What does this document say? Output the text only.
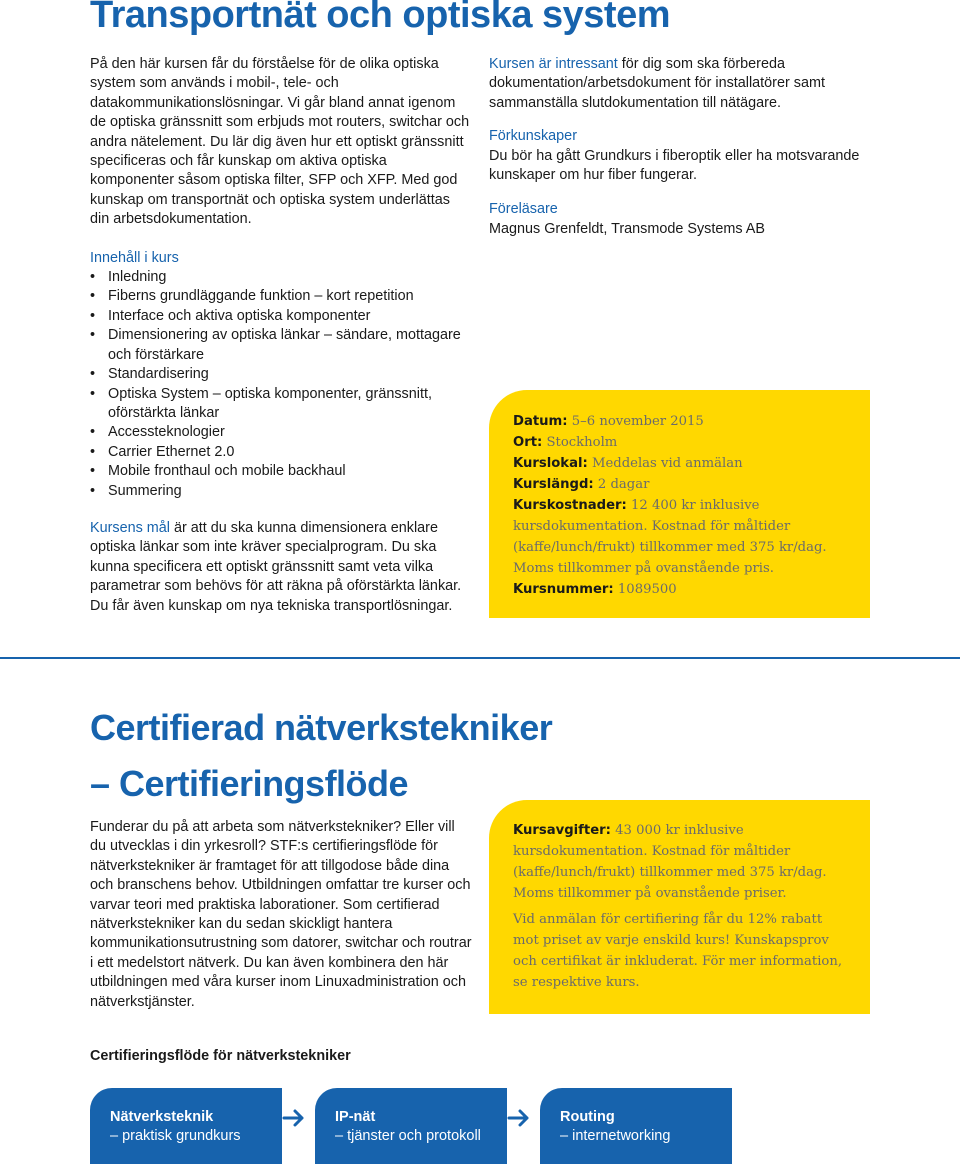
Transportnät och optiska system

På den här kursen får du förståelse för de olika optiska system som används i mobil-, tele- och datakommunikationslösningar. Vi går bland annat igenom de optiska gränssnitt som erbjuds mot routers, switchar och andra nätelement. Du lär dig även hur ett optiskt gränssnitt specificeras och får kunskap om aktiva optiska komponenter såsom optiska filter, SFP och XFP. Med god kunskap om transportnät och optiska system underlättas din arbetsdokumentation.

Innehåll i kurs
• Inledning
• Fiberns grundläggande funktion – kort repetition
• Interface och aktiva optiska komponenter
• Dimensionering av optiska länkar – sändare, mottagare och förstärkare
• Standardisering
• Optiska System – optiska komponenter, gränssnitt, oförstärkta länkar
• Accessteknologier
• Carrier Ethernet 2.0
• Mobile fronthaul och mobile backhaul
• Summering

Kursens mål är att du ska kunna dimensionera enklare optiska länkar som inte kräver specialprogram. Du ska kunna specificera ett optiskt gränssnitt samt veta vilka parametrar som behövs för att räkna på oförstärkta länkar. Du får även kunskap om nya tekniska transportlösningar.

Kursen är intressant för dig som ska förbereda dokumentation/arbetsdokument för installatörer samt sammanställa slutdokumentation till nätägare.

Förkunskaper

Du bör ha gått Grundkurs i fiberoptik eller ha motsvarande kunskaper om hur fiber fungerar.

Föreläsare

Magnus Grenfeldt, Transmode Systems AB

Datum: 5–6 november 2015

Ort: Stockholm

Kurslokal: Meddelas vid anmälan

Kurslängd: 2 dagar

Kurskostnader: 12 400 kr inklusive kursdokumentation. Kostnad för måltider (kaffe/lunch/frukt) tillkommer med 375 kr/dag. Moms tillkommer på ovanstående pris.

Kursnummer: 1089500

Certifierad nätverkstekniker
– Certifieringsflöde

Funderar du på att arbeta som nätverkstekniker? Eller vill du utvecklas i din yrkesroll? STF:s certifieringsflöde för nätverkstekniker är framtaget för att tillgodose både dina och branschens behov. Utbildningen omfattar tre kurser och varvar teori med praktiska laborationer. Som certifierad nätverkstekniker kan du sedan skickligt hantera kommunikationsutrustning som datorer, switchar och routrar i ett medelstort nätverk. Du kan även kombinera den här utbildningen med våra kurser inom Linuxadministration och nätverkstjänster.

Kursavgifter: 43 000 kr inklusive kursdokumentation. Kostnad för måltider (kaffe/lunch/frukt) tillkommer med 375 kr/dag. Moms tillkommer på ovanstående priser.

Vid anmälan för certifiering får du 12% rabatt mot priset av varje enskild kurs! Kunskapsprov och certifikat är inkluderat. För mer information, se respektive kurs.

Certifieringsflöde för nätverkstekniker

Nätverksteknik

– praktisk grundkurs

IP-nät

– tjänster och protokoll

Routing

– internetworking
